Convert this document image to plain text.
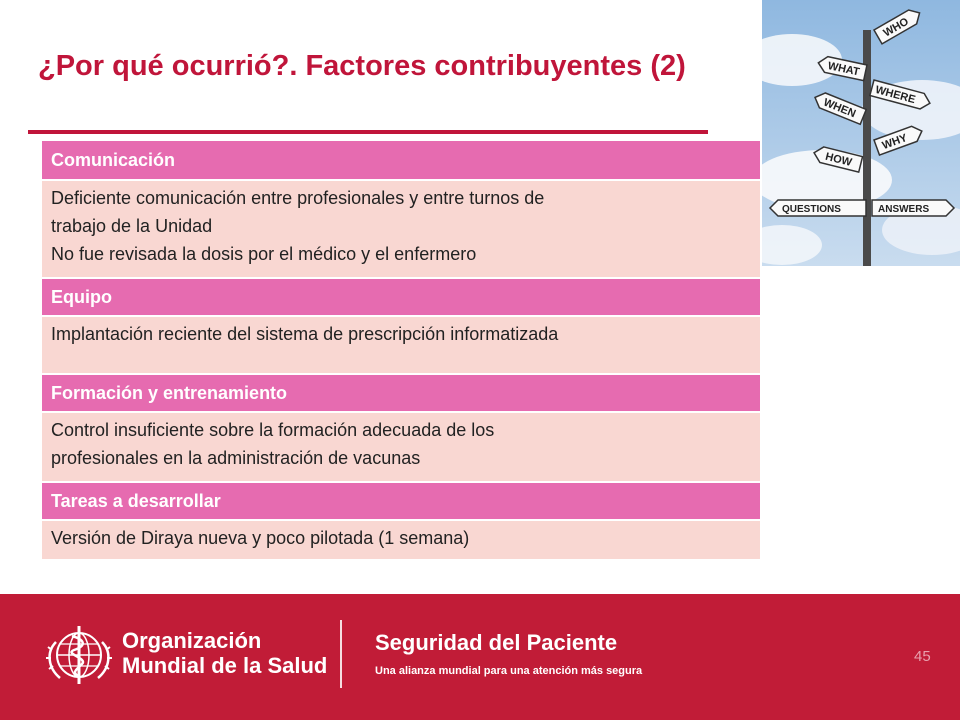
¿Por qué ocurrió?. Factores contribuyentes (2)
WHO
WHAT
WHERE
WHEN
WHY
HOW
QUESTIONS	ANSWERS
Comunicación
Deficiente comunicación entre profesionales y entre turnos de
trabajo de la Unidad
No fue revisada la dosis por el médico y el enfermero
Equipo
Implantación reciente del sistema de prescripción informatizada
Formación y entrenamiento
Control insuficiente sobre la formación adecuada de los
profesionales en la administración de vacunas
Tareas a desarrollar
Versión de Diraya nueva y poco pilotada (1 semana)
Organización
Mundial de la Salud
Seguridad del Paciente
Una alianza mundial para una atención más segura
45
